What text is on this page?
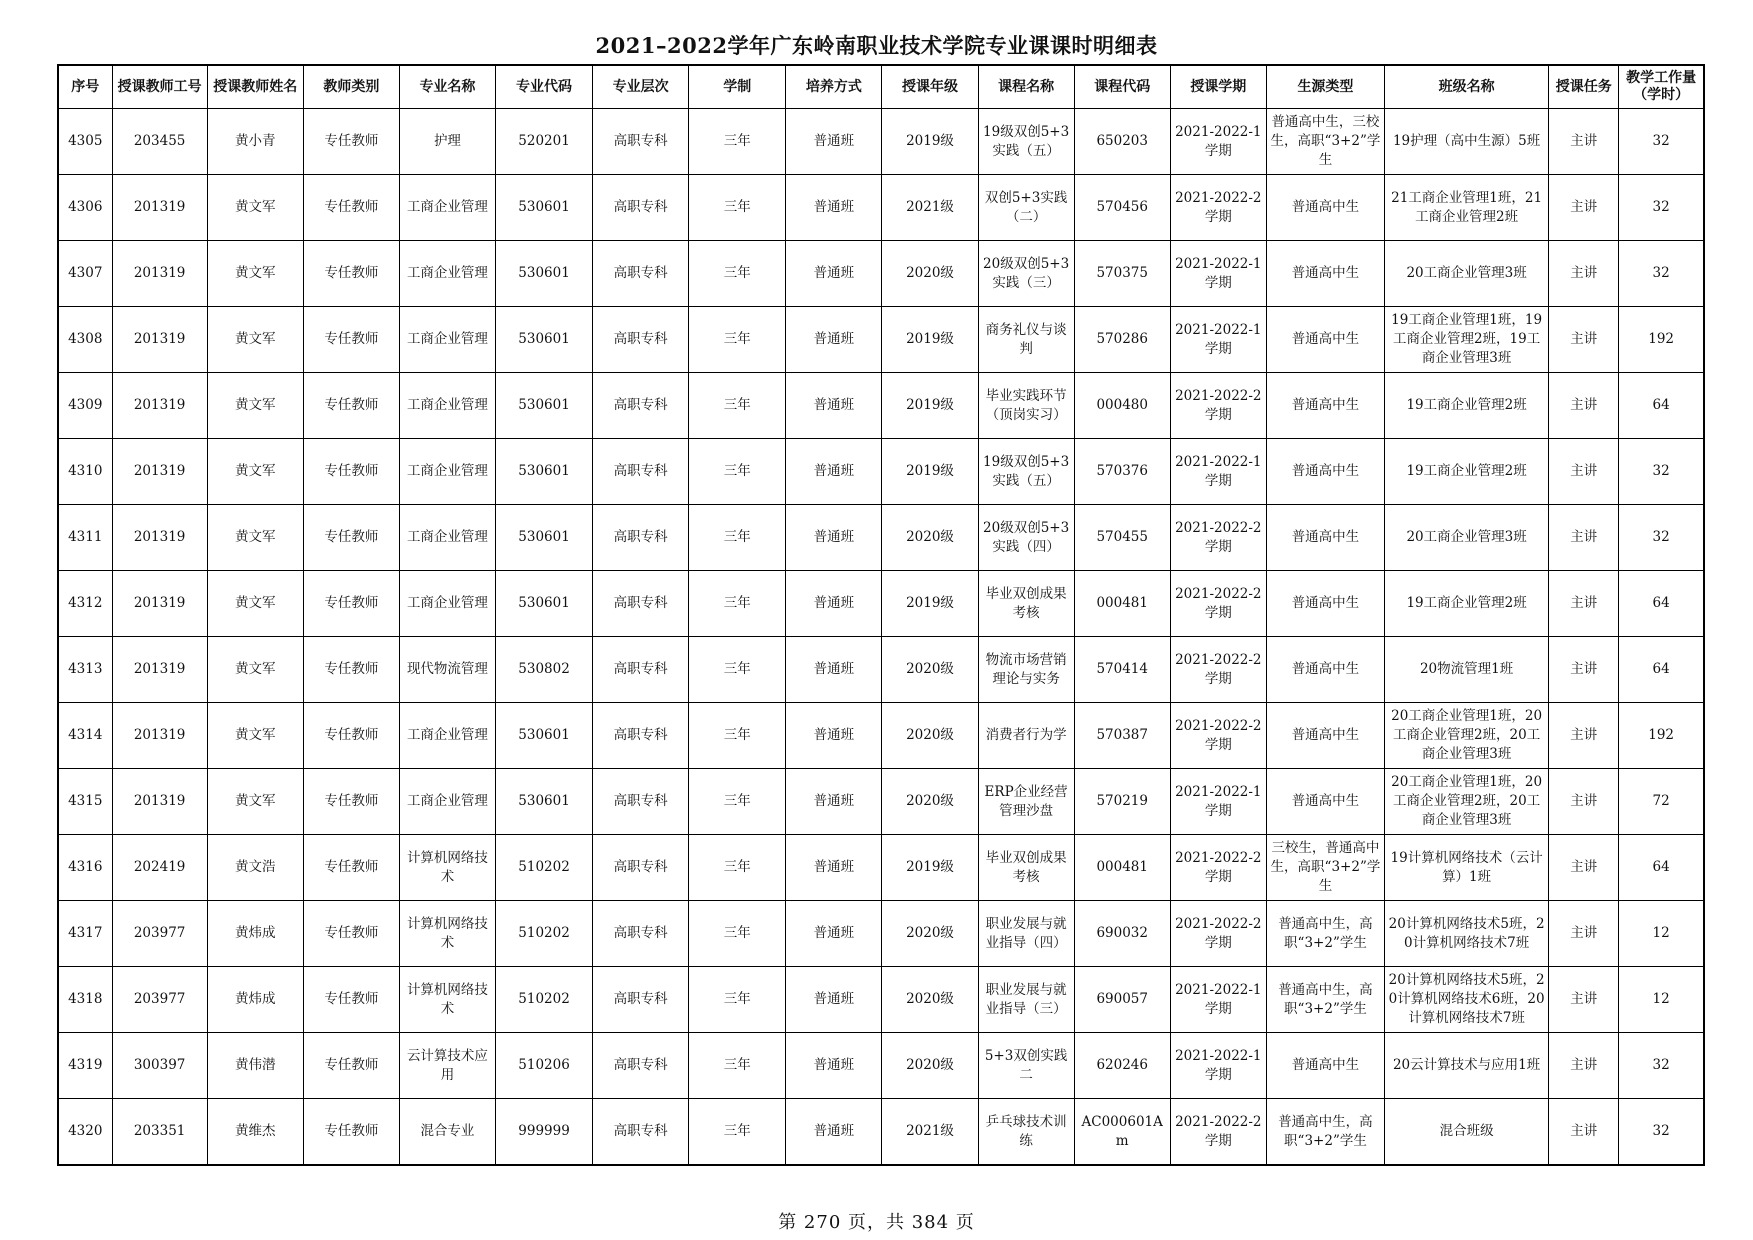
2021–2022学年广东岭南职业技术学院专业课课时明细表
序号	授课教师工号	授课教师姓名	教师类别	专业名称	专业代码	专业层次	学制	培养方式	授课年级	课程名称	课程代码	授课学期	生源类型	班级名称	授课任务	教学工作量（学时）

4305	203455	黄小青	专任教师	护理	520201	高职专科	三年	普通班	2019级	19级双创5+3实践（五）	650203	2021-2022-1学期	普通高中生，三校生，高职“3+2”学生	19护理（高中生源）5班	主讲	32

4306	201319	黄文军	专任教师	工商企业管理	530601	高职专科	三年	普通班	2021级	双创5+3实践（二）	570456	2021-2022-2学期	普通高中生	21工商企业管理1班，21工商企业管理2班	主讲	32

4307	201319	黄文军	专任教师	工商企业管理	530601	高职专科	三年	普通班	2020级	20级双创5+3实践（三）	570375	2021-2022-1学期	普通高中生	20工商企业管理3班	主讲	32

4308	201319	黄文军	专任教师	工商企业管理	530601	高职专科	三年	普通班	2019级	商务礼仪与谈判	570286	2021-2022-1学期	普通高中生	19工商企业管理1班，19工商企业管理2班，19工商企业管理3班	主讲	192

4309	201319	黄文军	专任教师	工商企业管理	530601	高职专科	三年	普通班	2019级	毕业实践环节（顶岗实习）	000480	2021-2022-2学期	普通高中生	19工商企业管理2班	主讲	64

4310	201319	黄文军	专任教师	工商企业管理	530601	高职专科	三年	普通班	2019级	19级双创5+3实践（五）	570376	2021-2022-1学期	普通高中生	19工商企业管理2班	主讲	32

4311	201319	黄文军	专任教师	工商企业管理	530601	高职专科	三年	普通班	2020级	20级双创5+3实践（四）	570455	2021-2022-2学期	普通高中生	20工商企业管理3班	主讲	32

4312	201319	黄文军	专任教师	工商企业管理	530601	高职专科	三年	普通班	2019级	毕业双创成果考核	000481	2021-2022-2学期	普通高中生	19工商企业管理2班	主讲	64

4313	201319	黄文军	专任教师	现代物流管理	530802	高职专科	三年	普通班	2020级	物流市场营销理论与实务	570414	2021-2022-2学期	普通高中生	20物流管理1班	主讲	64

4314	201319	黄文军	专任教师	工商企业管理	530601	高职专科	三年	普通班	2020级	消费者行为学	570387	2021-2022-2学期	普通高中生	20工商企业管理1班，20工商企业管理2班，20工商企业管理3班	主讲	192

4315	201319	黄文军	专任教师	工商企业管理	530601	高职专科	三年	普通班	2020级	ERP企业经营管理沙盘	570219	2021-2022-1学期	普通高中生	20工商企业管理1班，20工商企业管理2班，20工商企业管理3班	主讲	72

4316	202419	黄文浩	专任教师	计算机网络技术	510202	高职专科	三年	普通班	2019级	毕业双创成果考核	000481	2021-2022-2学期	三校生，普通高中生，高职“3+2”学生	19计算机网络技术（云计算）1班	主讲	64

4317	203977	黄炜成	专任教师	计算机网络技术	510202	高职专科	三年	普通班	2020级	职业发展与就业指导（四）	690032	2021-2022-2学期	普通高中生，高职“3+2”学生	20计算机网络技术5班，20计算机网络技术7班	主讲	12

4318	203977	黄炜成	专任教师	计算机网络技术	510202	高职专科	三年	普通班	2020级	职业发展与就业指导（三）	690057	2021-2022-1学期	普通高中生，高职“3+2”学生	20计算机网络技术5班，20计算机网络技术6班，20计算机网络技术7班	主讲	12

4319	300397	黄伟潜	专任教师	云计算技术应用	510206	高职专科	三年	普通班	2020级	5+3双创实践二	620246	2021-2022-1学期	普通高中生	20云计算技术与应用1班	主讲	32

4320	203351	黄维杰	专任教师	混合专业	999999	高职专科	三年	普通班	2021级	乒乓球技术训练	AC000601Am	2021-2022-2学期	普通高中生，高职“3+2”学生	混合班级	主讲	32
第 270 页，共 384 页
